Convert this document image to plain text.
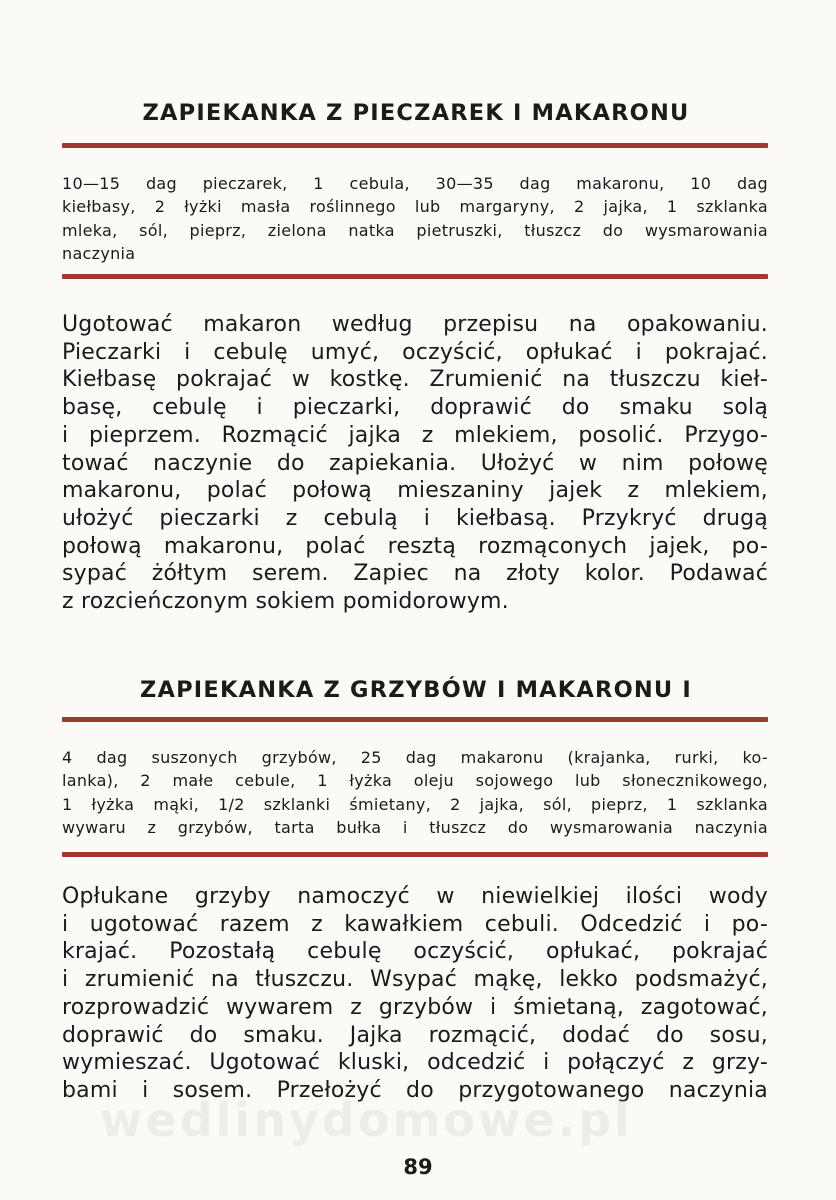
ZAPIEKANKA Z PIECZAREK I MAKARONU
10—15 dag pieczarek, 1 cebula, 30—35 dag makaronu, 10 dag
kiełbasy, 2 łyżki masła roślinnego lub margaryny, 2 jajka, 1 szklanka
mleka, sól, pieprz, zielona natka pietruszki, tłuszcz do wysmarowania
naczynia
Ugotować makaron według przepisu na opakowaniu.
Pieczarki i cebulę umyć, oczyścić, opłukać i pokrajać.
Kiełbasę pokrajać w kostkę. Zrumienić na tłuszczu kieł-
basę, cebulę i pieczarki, doprawić do smaku solą
i pieprzem. Rozmącić jajka z mlekiem, posolić. Przygo-
tować naczynie do zapiekania. Ułożyć w nim połowę
makaronu, polać połową mieszaniny jajek z mlekiem,
ułożyć pieczarki z cebulą i kiełbasą. Przykryć drugą
połową makaronu, polać resztą rozmąconych jajek, po-
sypać żółtym serem. Zapiec na złoty kolor. Podawać
z rozcieńczonym sokiem pomidorowym.
ZAPIEKANKA Z GRZYBÓW I MAKARONU I
4 dag suszonych grzybów, 25 dag makaronu (krajanka, rurki, ko-
lanka), 2 małe cebule, 1 łyżka oleju sojowego lub słonecznikowego,
1 łyżka mąki, 1/2 szklanki śmietany, 2 jajka, sól, pieprz, 1 szklanka
wywaru z grzybów, tarta bułka i tłuszcz do wysmarowania naczynia
Opłukane grzyby namoczyć w niewielkiej ilości wody
i ugotować razem z kawałkiem cebuli. Odcedzić i po-
krajać. Pozostałą cebulę oczyścić, opłukać, pokrajać
i zrumienić na tłuszczu. Wsypać mąkę, lekko podsmażyć,
rozprowadzić wywarem z grzybów i śmietaną, zagotować,
doprawić do smaku. Jajka rozmącić, dodać do sosu,
wymieszać. Ugotować kluski, odcedzić i połączyć z grzy-
bami i sosem. Przełożyć do przygotowanego naczynia
wedlinydomowe.pl
89
